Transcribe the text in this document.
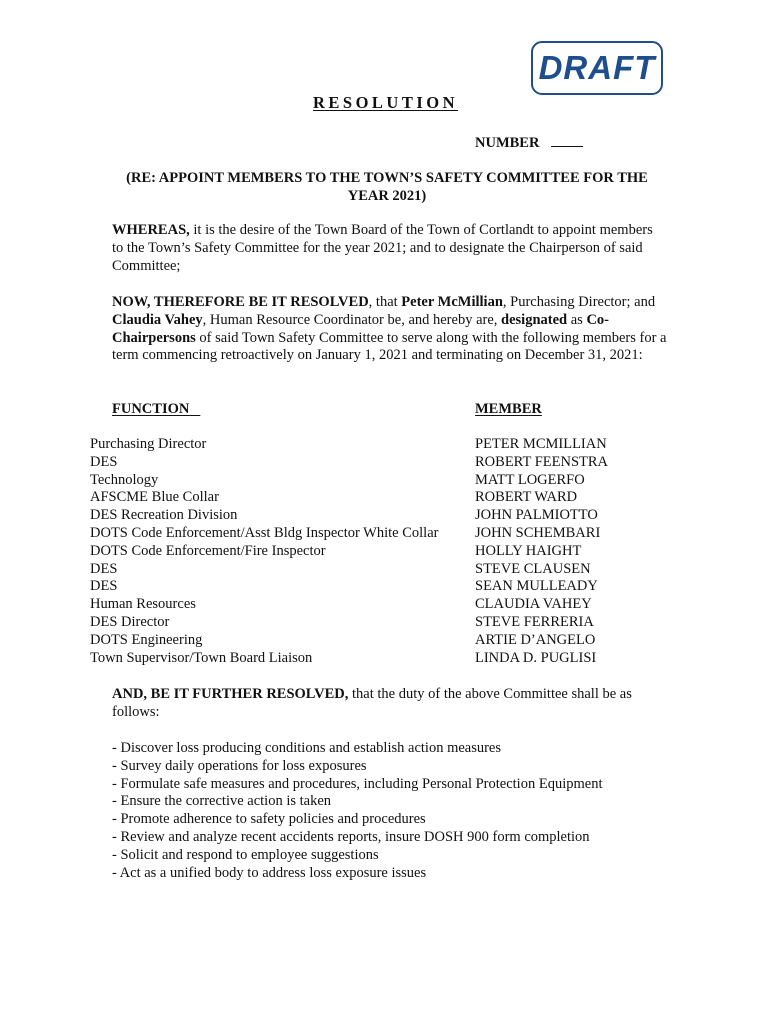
DRAFT
RESOLUTION
NUMBER
(RE: APPOINT MEMBERS TO THE TOWN’S SAFETY COMMITTEE FOR THE YEAR 2021)
WHEREAS, it is the desire of the Town Board of the Town of Cortlandt to appoint members to the Town’s Safety Committee for the year 2021; and to designate the Chairperson of said Committee;
NOW, THEREFORE BE IT RESOLVED, that Peter McMillian, Purchasing Director; and Claudia Vahey, Human Resource Coordinator be, and hereby are, designated as Co-Chairpersons of said Town Safety Committee to serve along with the following members for a term commencing retroactively on January 1, 2021 and terminating on December 31, 2021:
FUNCTION	MEMBER
Purchasing Director
DES
Technology
AFSCME Blue Collar
DES Recreation Division
DOTS Code Enforcement/Asst Bldg Inspector White Collar
DOTS Code Enforcement/Fire Inspector
DES
DES
Human Resources
DES Director
DOTS Engineering
Town Supervisor/Town Board Liaison
PETER MCMILLIAN
ROBERT FEENSTRA
MATT LOGERFO
ROBERT WARD
JOHN PALMIOTTO
JOHN SCHEMBARI
HOLLY HAIGHT
STEVE CLAUSEN
SEAN MULLEADY
CLAUDIA VAHEY
STEVE FERRERIA
ARTIE D’ANGELO
LINDA D. PUGLISI
AND, BE IT FURTHER RESOLVED, that the duty of the above Committee shall be as follows:
- Discover loss producing conditions and establish action measures
- Survey daily operations for loss exposures
- Formulate safe measures and procedures, including Personal Protection Equipment
- Ensure the corrective action is taken
- Promote adherence to safety policies and procedures
- Review and analyze recent accidents reports, insure DOSH 900 form completion
- Solicit and respond to employee suggestions
- Act as a unified body to address loss exposure issues
